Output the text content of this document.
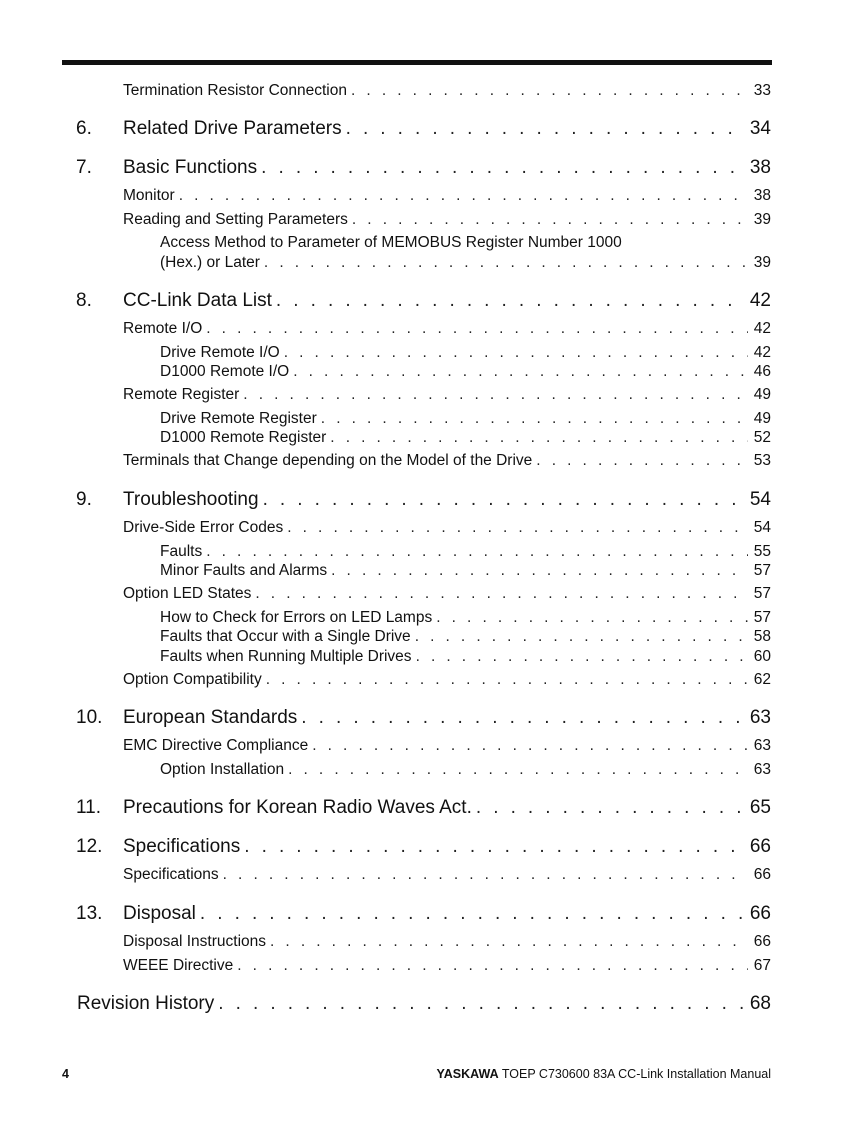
Termination Resistor Connection . . .	33
6. Related Drive Parameters . . .	34
7. Basic Functions . . .	38
Monitor . . .	38
Reading and Setting Parameters . . .	39
Access Method to Parameter of MEMOBUS Register Number 1000
(Hex.) or Later . . .	39
8. CC-Link Data List . . .	42
Remote I/O . . .	42
Drive Remote I/O . . .	42
D1000 Remote I/O . . .	46
Remote Register . . .	49
Drive Remote Register . . .	49
D1000 Remote Register . . .	52
Terminals that Change depending on the Model of the Drive . . .	53
9. Troubleshooting . . .	54
Drive-Side Error Codes . . .	54
Faults . . .	55
Minor Faults and Alarms . . .	57
Option LED States . . .	57
How to Check for Errors on LED Lamps . . .	57
Faults that Occur with a Single Drive . . .	58
Faults when Running Multiple Drives . . .	60
Option Compatibility . . .	62
10. European Standards . . .	63
EMC Directive Compliance . . .	63
Option Installation . . .	63
11. Precautions for Korean Radio Waves Act. . . .	65
12. Specifications . . .	66
Specifications . . .	66
13. Disposal . . .	66
Disposal Instructions . . .	66
WEEE Directive . . .	67
Revision History . . .	68
4	YASKAWA TOEP C730600 83A CC-Link Installation Manual
